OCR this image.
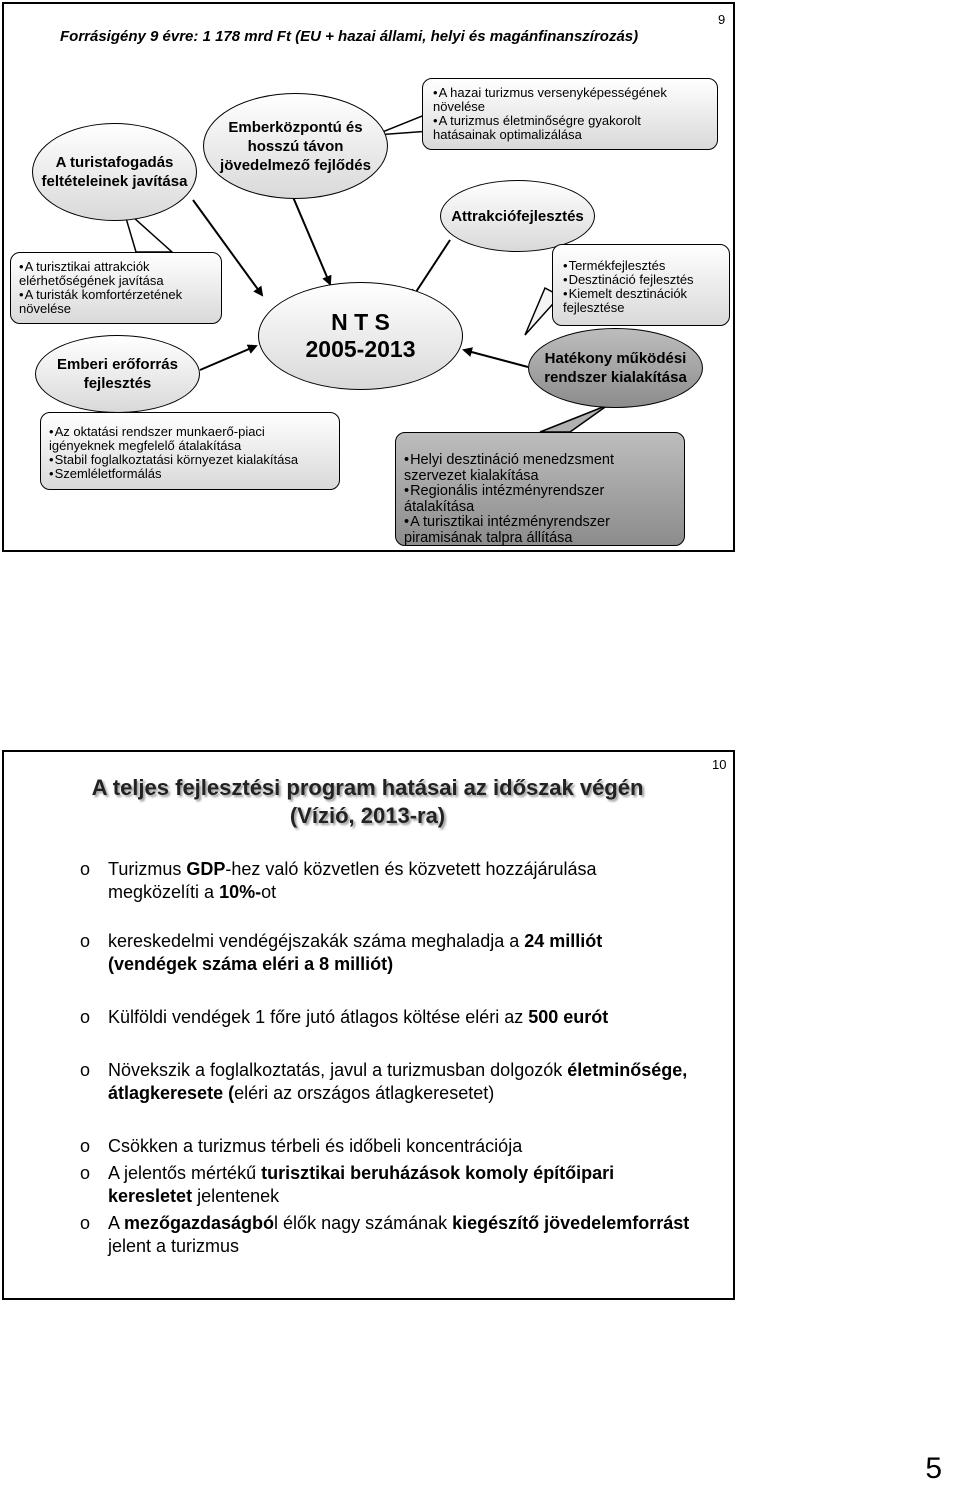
9
Forrásigény 9 évre: 1 178 mrd Ft (EU + hazai állami, helyi és magánfinanszírozás)
• A hazai turizmus versenyképességének növelése
• A turizmus életminőségre gyakorolt hatásainak optimalizálása
A turistafogadás
feltételeinek javítása
Emberközpontú és
hosszú távon
jövedelmező fejlődés
Attrakciófejlesztés
• A turisztikai attrakciók elérhetőségének javítása
• A turisták komfortérzetének növelése
N T S
2005-2013
• Termékfejlesztés
• Desztináció fejlesztés
• Kiemelt desztinációk fejlesztése
Emberi erőforrás
fejlesztés
Hatékony működési
rendszer kialakítása
• Az oktatási rendszer munkaerő-piaci igényeknek megfelelő átalakítása
• Stabil foglalkoztatási környezet kialakítása
• Szemléletformálás
• Helyi desztináció menedzsment szervezet kialakítása
• Regionális intézményrendszer átalakítása
• A turisztikai intézményrendszer piramisának talpra állítása
10
A teljes fejlesztési program hatásai az időszak végén
(Vízió, 2013-ra)
o Turizmus GDP-hez való közvetlen és közvetett hozzájárulása megközelíti a 10%-ot
o kereskedelmi vendégéjszakák száma meghaladja a 24 milliót (vendégek száma eléri a 8 milliót)
o Külföldi vendégek 1 főre jutó átlagos költése eléri az 500 eurót
o Növekszik a foglalkoztatás, javul a turizmusban dolgozók életminősége, átlagkeresete (eléri az országos átlagkeresetet)
o Csökken a turizmus térbeli és időbeli koncentrációja
o A jelentős mértékű turisztikai beruházások komoly építőipari keresletet jelentenek
o A mezőgazdaságból élők nagy számának kiegészítő jövedelemforrást jelent a turizmus
5
